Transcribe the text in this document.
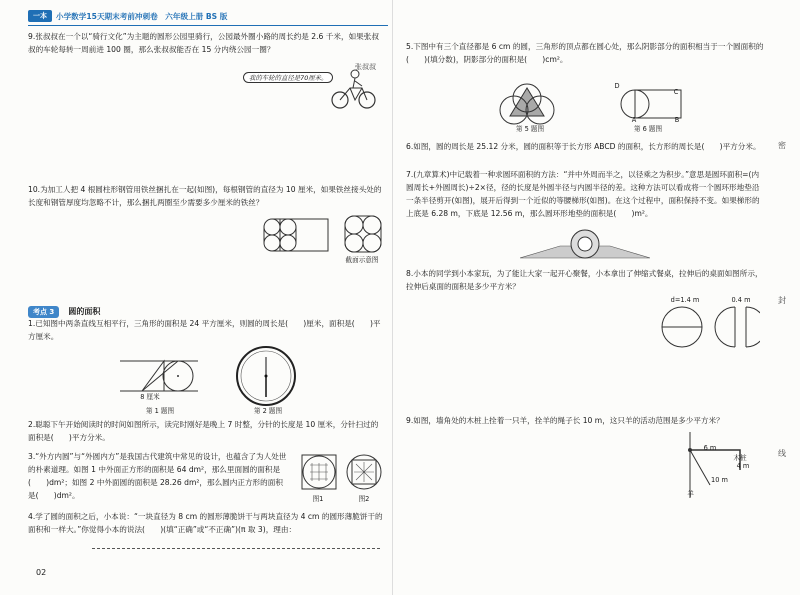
一本	小学数学15天期末考前冲刺卷　六年级上册 BS 版

9.张叔叔在一个以“骑行文化”为主题的圆形公园里骑行，公园最外圈小路的周长约是 2.6 千米，如果张叔叔的车轮每转一周前进 100 圈，那么张叔叔能否在 15 分内绕公园一圈？

我的车轮的直径是70厘米。
张叔叔
10.为加工人把 4 根圆柱形钢管用铁丝捆扎在一起(如图)，每根钢管的直径为 10 厘米，如果铁丝接头处的长度和钢管厚度均忽略不计，那么捆扎两圈至少需要多少厘米的铁丝？
截面示意图
考点 3 圆的面积
1.已知图中两条直线互相平行，三角形的面积是 24 平方厘米，则圆的周长是(　　)厘米，面积是(　　)平方厘米。
8 厘米
第 1 题图	第 2 题图
2.聪聪下午开始阅读时的时间如图所示，读完时刚好是晚上 7 时整，分针的长度是 10 厘米，分针扫过的面积是(　　)平方分米。
3.“外方内圆”与“外圆内方”是我国古代建筑中常见的设计，也蕴含了为人处世的朴素道理。如图 1 中外面正方形的面积是 64 dm²，那么里面圆的面积是(　　)dm²；如图 2 中外面圆的面积是 28.26 dm²，那么圆内正方形的面积是(　　)dm²。	图1	图2
4.学了圆的面积之后，小本说：“一块直径为 8 cm 的圆形薄脆饼干与两块直径为 4 cm 的圆形薄脆饼干的面积和一样大。”你觉得小本的说法(　　)(填“正确”或“不正确”)(π 取 3)，理由：
02
5.下图中有三个直径都是 6 cm 的圆，三角形的顶点都在圆心处，那么阴影部分的面积相当于一个圆面积的(　　)(填分数)，阴影部分的面积是(　　)cm²。
第 5 题图
D
C
A	B
第 6 题图
6.如图，圆的周长是 25.12 分米，圆的面积等于长方形 ABCD 的面积，长方形的周长是(　　)平方分米。
7.(九章算术)中记载着一种求圆环面积的方法：“并中外周而半之，以径乘之为积步。”意思是圆环面积=(内圆周长+外圆周长)÷2×径，径的长度是外圆半径与内圆半径的差。这种方法可以看成将一个圆环形地垫沿一条半径剪开(如图)，展开后得到一个近似的等腰梯形(如图)。在这个过程中，面积保持不变。如果梯形的上底是 6.28 m，下底是 12.56 m，那么圆环形地垫的面积是(　　)m²。
8.小本的同学到小本家玩，为了能让大家一起开心聚餐，小本拿出了伸缩式餐桌，拉伸后的桌面如图所示，拉伸后桌面的面积是多少平方米？
d=1.4 m	0.4 m
9.如图，墙角处的木桩上拴着一只羊，拴羊的绳子长 10 m，这只羊的活动范围是多少平方米？
6 m
木桩
4 m
10 m
羊
密
封
线
